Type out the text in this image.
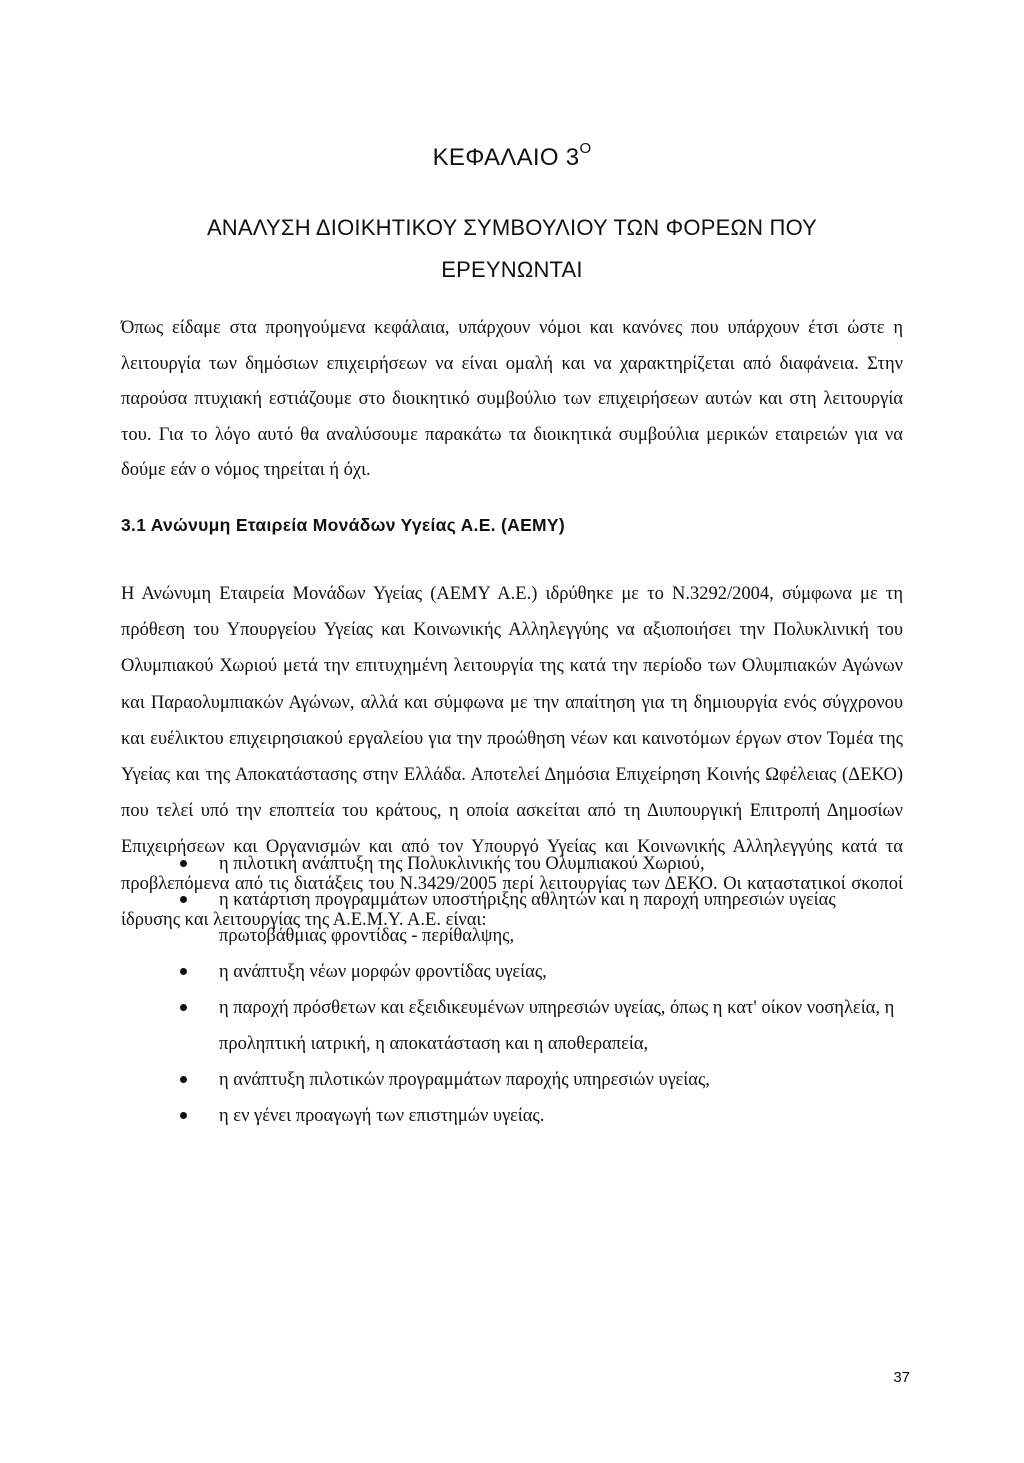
ΚΕΦΑΛΑΙΟ $3^O$
ΑΝΑΛΥΣΗ ΔΙΟΙΚΗΤΙΚΟΥ ΣΥΜΒΟΥΛΙΟΥ ΤΩΝ ΦΟΡΕΩΝ ΠΟΥ
ΕΡΕΥΝΩΝΤΑΙ

Όπως είδαμε στα προηγούμενα κεφάλαια, υπάρχουν νόμοι και κανόνες που υπάρχουν έτσι ώστε η λειτουργία των δημόσιων επιχειρήσεων να είναι ομαλή και να χαρακτηρίζεται από διαφάνεια. Στην παρούσα πτυχιακή εστιάζουμε στο διοικητικό συμβούλιο των επιχειρήσεων αυτών και στη λειτουργία του. Για το λόγο αυτό θα αναλύσουμε παρακάτω τα διοικητικά συμβούλια μερικών εταιρειών για να δούμε εάν ο νόμος τηρείται ή όχι.

3.1 Ανώνυμη Εταιρεία Μονάδων Υγείας Α.Ε. (ΑΕΜΥ)

Η Ανώνυμη Εταιρεία Μονάδων Υγείας (ΑΕΜΥ Α.Ε.) ιδρύθηκε με το Ν.3292/2004, σύμφωνα με τη πρόθεση του Υπουργείου Υγείας και Κοινωνικής Αλληλεγγύης να αξιοποιήσει την Πολυκλινική του Ολυμπιακού Χωριού μετά την επιτυχημένη λειτουργία της κατά την περίοδο των Ολυμπιακών Αγώνων και Παραολυμπιακών Αγώνων, αλλά και σύμφωνα με την απαίτηση για τη δημιουργία ενός σύγχρονου και ευέλικτου επιχειρησιακού εργαλείου για την προώθηση νέων και καινοτόμων έργων στον Τομέα της Υγείας και της Αποκατάστασης στην Ελλάδα. Αποτελεί Δημόσια Επιχείρηση Κοινής Ωφέλειας (ΔΕΚΟ) που τελεί υπό την εποπτεία του κράτους, η οποία ασκείται από τη Διυπουργική Επιτροπή Δημοσίων Επιχειρήσεων και Οργανισμών και από τον Υπουργό Υγείας και Κοινωνικής Αλληλεγγύης κατά τα προβλεπόμενα από τις διατάξεις του Ν.3429/2005 περί λειτουργίας των ΔΕΚΟ. Οι καταστατικοί σκοποί ίδρυσης και λειτουργίας της Α.Ε.Μ.Υ. Α.Ε. είναι:

η πιλοτική ανάπτυξη της Πολυκλινικής του Ολυμπιακού Χωριού,
η κατάρτιση προγραμμάτων υποστήριξης αθλητών και η παροχή υπηρεσιών υγείας πρωτοβάθμιας φροντίδας - περίθαλψης,
η ανάπτυξη νέων μορφών φροντίδας υγείας,
η παροχή πρόσθετων και εξειδικευμένων υπηρεσιών υγείας, όπως η κατ' οίκον νοσηλεία, η προληπτική ιατρική, η αποκατάσταση και η αποθεραπεία,
η ανάπτυξη πιλοτικών προγραμμάτων παροχής υπηρεσιών υγείας,
η εν γένει προαγωγή των επιστημών υγείας.
37
